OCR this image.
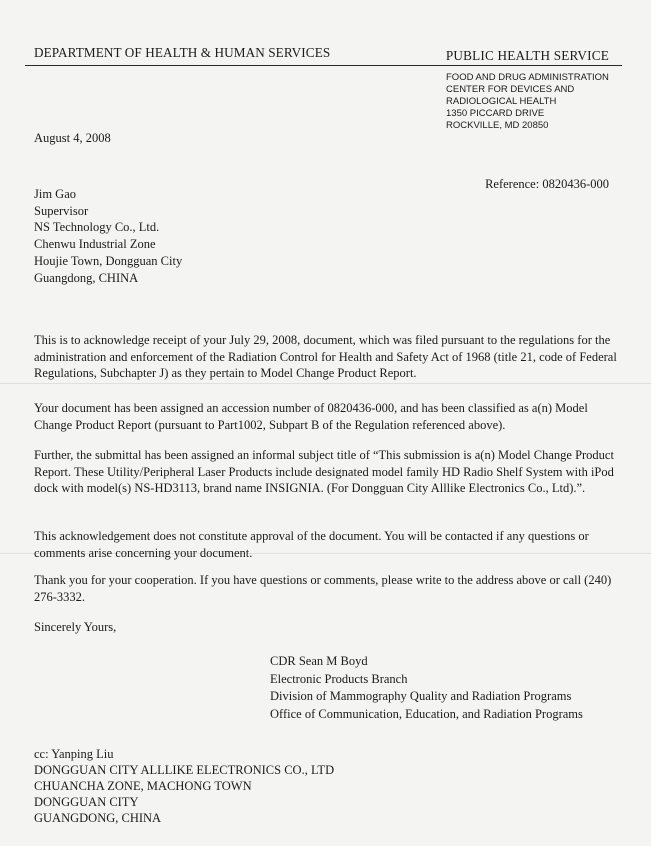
DEPARTMENT OF HEALTH & HUMAN SERVICES	PUBLIC HEALTH SERVICE
FOOD AND DRUG ADMINISTRATION
CENTER FOR DEVICES AND
RADIOLOGICAL HEALTH
1350 PICCARD DRIVE
ROCKVILLE, MD 20850
August 4, 2008
Reference: 0820436-000
Jim Gao
Supervisor
NS Technology Co., Ltd.
Chenwu Industrial Zone
Houjie Town, Dongguan City
Guangdong, CHINA
This is to acknowledge receipt of your July 29, 2008, document, which was filed pursuant to the regulations for the administration and enforcement of the Radiation Control for Health and Safety Act of 1968 (title 21, code of Federal Regulations, Subchapter J) as they pertain to Model Change Product Report.
Your document has been assigned an accession number of 0820436-000, and has been classified as a(n) Model Change Product Report (pursuant to Part1002, Subpart B of the Regulation referenced above).
Further, the submittal has been assigned an informal subject title of “This submission is a(n) Model Change Product Report. These Utility/Peripheral Laser Products include designated model family HD Radio Shelf System with iPod dock with model(s) NS-HD3113, brand name INSIGNIA. (For Dongguan City Alllike Electronics Co., Ltd).”.
This acknowledgement does not constitute approval of the document. You will be contacted if any questions or comments arise concerning your document.
Thank you for your cooperation. If you have questions or comments, please write to the address above or call (240) 276-3332.
Sincerely Yours,
CDR Sean M Boyd
Electronic Products Branch
Division of Mammography Quality and Radiation Programs
Office of Communication, Education, and Radiation Programs
cc: Yanping Liu
DONGGUAN CITY ALLLIKE ELECTRONICS CO., LTD
CHUANCHA ZONE, MACHONG TOWN
DONGGUAN CITY
GUANGDONG, CHINA
